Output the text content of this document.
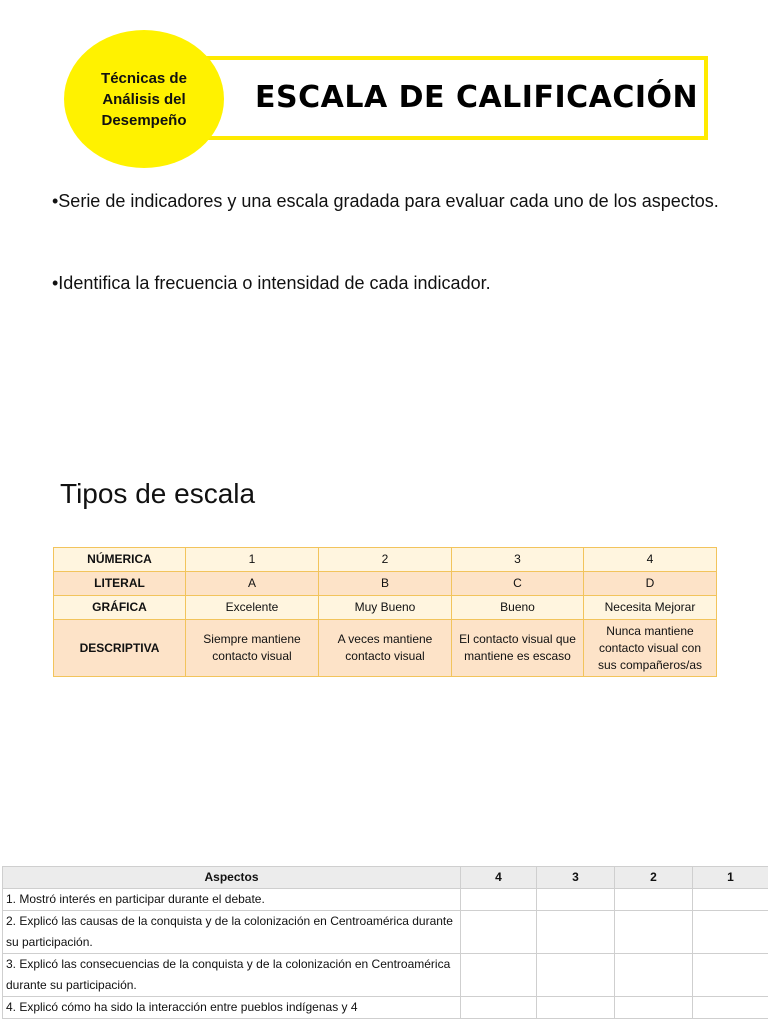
ESCALA DE CALIFICACIÓN
Técnicas de Análisis del Desempeño
•Serie de indicadores y una escala gradada para evaluar cada uno de los aspectos.
•Identifica la frecuencia o intensidad de cada indicador.
Tipos de escala
NÚMERICA	1	2	3	4
LITERAL	A	B	C	D
GRÁFICA	Excelente	Muy Bueno	Bueno	Necesita Mejorar
DESCRIPTIVA	Siempre mantiene contacto visual	A veces mantiene contacto visual	El contacto visual que mantiene es escaso	Nunca mantiene contacto visual con sus compañeros/as
Aspectos	4	3	2	1
1. Mostró interés en participar durante el debate.				
2. Explicó las causas de la conquista y de la colonización en Centroamérica durante su participación.				
3. Explicó las consecuencias de la conquista y de la colonización en Centroamérica durante su participación.				
4. Explicó cómo ha sido la interacción entre pueblos indígenas y 4				
